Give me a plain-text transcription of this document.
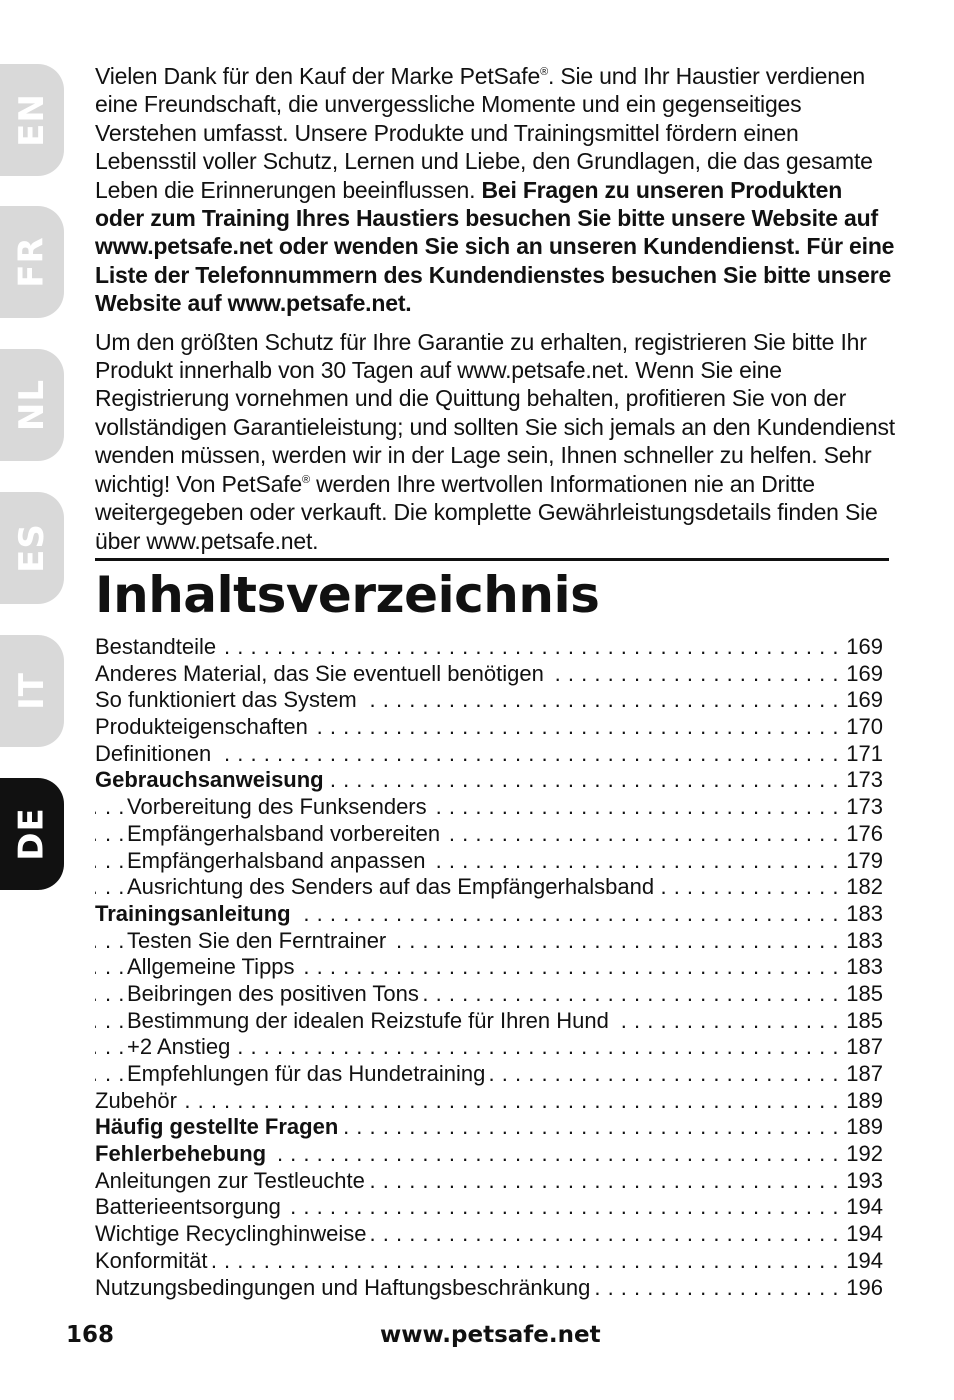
EN
FR
NL
ES
IT
DE

Vielen Dank für den Kauf der Marke PetSafe®. Sie und Ihr Haustier verdienen eine Freundschaft, die unvergessliche Momente und ein gegenseitiges Verstehen umfasst. Unsere Produkte und Trainingsmittel fördern einen Lebensstil voller Schutz, Lernen und Liebe, den Grundlagen, die das gesamte Leben die Erinnerungen beeinflussen. Bei Fragen zu unseren Produkten oder zum Training Ihres Haustiers besuchen Sie bitte unsere Website auf www.petsafe.net oder wenden Sie sich an unseren Kundendienst. Für eine Liste der Telefonnummern des Kundendienstes besuchen Sie bitte unsere Website auf www.petsafe.net.

Um den größten Schutz für Ihre Garantie zu erhalten, registrieren Sie bitte Ihr Produkt innerhalb von 30 Tagen auf www.petsafe.net. Wenn Sie eine Registrierung vornehmen und die Quittung behalten, profitieren Sie von der vollständigen Garantieleistung; und sollten Sie sich jemals an den Kundendienst wenden müssen, werden wir in der Lage sein, Ihnen schneller zu helfen. Sehr wichtig! Von PetSafe® werden Ihre wertvollen Informationen nie an Dritte weitergegeben oder verkauft. Die komplette Gewährleistungsdetails finden Sie über www.petsafe.net.

Inhaltsverzeichnis
Bestandteile	169
. . .
Anderes Material, das Sie eventuell benötigen	169
. . .
So funktioniert das System	169
. . .
Produkteigenschaften	170
. . .
Definitionen	171
. . .
Gebrauchsanweisung	173
. . .
Vorbereitung des Funksenders	173
. . .
Empfängerhalsband vorbereiten	176
. . .
Empfängerhalsband anpassen	179
. . .
Ausrichtung des Senders auf das Empfängerhalsband	182
. . .
Trainingsanleitung	183
. . .
Testen Sie den Ferntrainer	183
. . .
Allgemeine Tipps	183
. . .
Beibringen des positiven Tons	185
. . .
Bestimmung der idealen Reizstufe für Ihren Hund	185
. . .
+2 Anstieg	187
. . .
Empfehlungen für das Hundetraining	187
. . .
Zubehör	189
. . .
Häufig gestellte Fragen	189
. . .
Fehlerbehebung	192
. . .
Anleitungen zur Testleuchte	193
. . .
Batterieentsorgung	194
. . .
Wichtige Recyclinghinweise	194
. . .
Konformität	194
. . .
Nutzungsbedingungen und Haftungsbeschränkung	196
. . .
168	www.petsafe.net
